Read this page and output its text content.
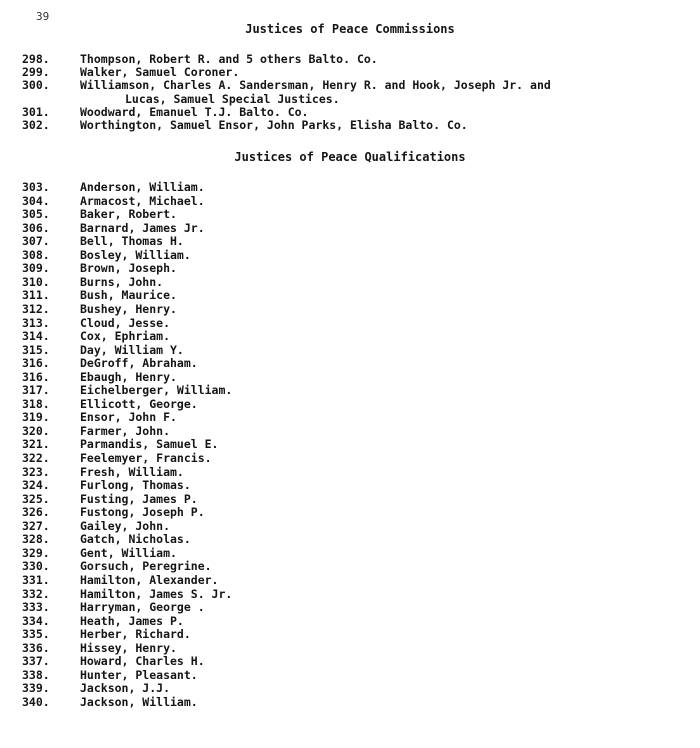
39
Justices of Peace Commissions
298.	Thompson, Robert R. and 5 others Balto. Co.
299.	Walker, Samuel Coroner.
300.	Williamson, Charles A. Sandersman, Henry R. and Hook, Joseph Jr. and
Lucas, Samuel Special Justices.
301.	Woodward, Emanuel T.J. Balto. Co.
302.	Worthington, Samuel Ensor, John Parks, Elisha Balto. Co.
Justices of Peace Qualifications
303.	Anderson, William.
304.	Armacost, Michael.
305.	Baker, Robert.
306.	Barnard, James Jr.
307.	Bell, Thomas H.
308.	Bosley, William.
309.	Brown, Joseph.
310.	Burns, John.
311.	Bush, Maurice.
312.	Bushey, Henry.
313.	Cloud, Jesse.
314.	Cox, Ephriam.
315.	Day, William Y.
316.	DeGroff, Abraham.
316.	Ebaugh, Henry.
317.	Eichelberger, William.
318.	Ellicott, George.
319.	Ensor, John F.
320.	Farmer, John.
321.	Parmandis, Samuel E.
322.	Feelemyer, Francis.
323.	Fresh, William.
324.	Furlong, Thomas.
325.	Fusting, James P.
326.	Fustong, Joseph P.
327.	Gailey, John.
328.	Gatch, Nicholas.
329.	Gent, William.
330.	Gorsuch, Peregrine.
331.	Hamilton, Alexander.
332.	Hamilton, James S. Jr.
333.	Harryman, George .
334.	Heath, James P.
335.	Herber, Richard.
336.	Hissey, Henry.
337.	Howard, Charles H.
338.	Hunter, Pleasant.
339.	Jackson, J.J.
340.	Jackson, William.
